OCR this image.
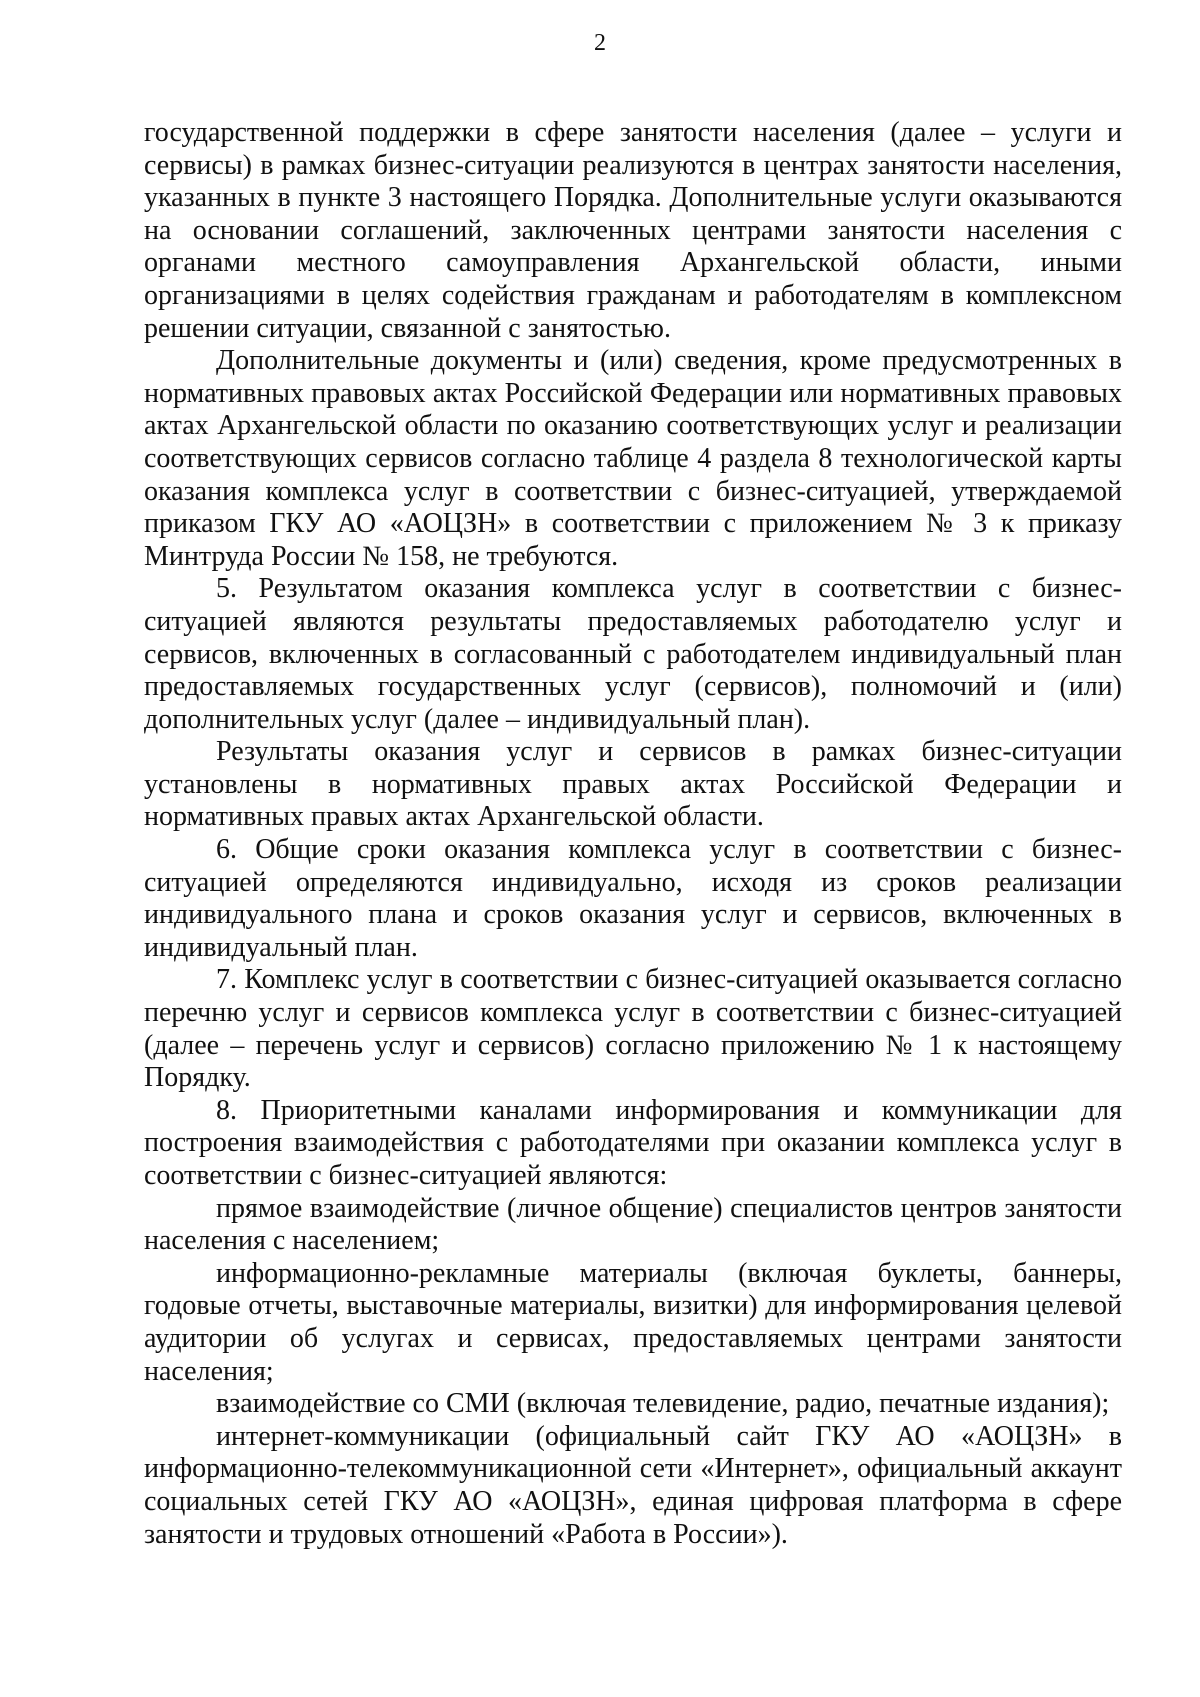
2

государственной поддержки в сфере занятости населения (далее – услуги и сервисы) в рамках бизнес-ситуации реализуются в центрах занятости населения, указанных в пункте 3 настоящего Порядка. Дополнительные услуги оказываются на основании соглашений, заключенных центрами занятости населения с органами местного самоуправления Архангельской области, иными организациями в целях содействия гражданам и работодателям в комплексном решении ситуации, связанной с занятостью.

Дополнительные документы и (или) сведения, кроме предусмотренных в нормативных правовых актах Российской Федерации или нормативных правовых актах Архангельской области по оказанию соответствующих услуг и реализации соответствующих сервисов согласно таблице 4 раздела 8 технологической карты оказания комплекса услуг в соответствии с бизнес-ситуацией, утверждаемой приказом ГКУ АО «АОЦЗН» в соответствии с приложением № 3 к приказу Минтруда России № 158, не требуются.

5. Результатом оказания комплекса услуг в соответствии с бизнес-ситуацией являются результаты предоставляемых работодателю услуг и сервисов, включенных в согласованный с работодателем индивидуальный план предоставляемых государственных услуг (сервисов), полномочий и (или) дополнительных услуг (далее – индивидуальный план).

Результаты оказания услуг и сервисов в рамках бизнес-ситуации установлены в нормативных правых актах Российской Федерации и нормативных правых актах Архангельской области.

6. Общие сроки оказания комплекса услуг в соответствии с бизнес-ситуацией определяются индивидуально, исходя из сроков реализации индивидуального плана и сроков оказания услуг и сервисов, включенных в индивидуальный план.

7. Комплекс услуг в соответствии с бизнес-ситуацией оказывается согласно перечню услуг и сервисов комплекса услуг в соответствии с бизнес-ситуацией (далее – перечень услуг и сервисов) согласно приложению № 1 к настоящему Порядку.

8. Приоритетными каналами информирования и коммуникации для построения взаимодействия с работодателями при оказании комплекса услуг в соответствии с бизнес-ситуацией являются:

прямое взаимодействие (личное общение) специалистов центров занятости населения с населением;

информационно-рекламные материалы (включая буклеты, баннеры, годовые отчеты, выставочные материалы, визитки) для информирования целевой аудитории об услугах и сервисах, предоставляемых центрами занятости населения;

взаимодействие со СМИ (включая телевидение, радио, печатные издания);

интернет-коммуникации (официальный сайт ГКУ АО «АОЦЗН» в информационно-телекоммуникационной сети «Интернет», официальный аккаунт социальных сетей ГКУ АО «АОЦЗН», единая цифровая платформа в сфере занятости и трудовых отношений «Работа в России»).
